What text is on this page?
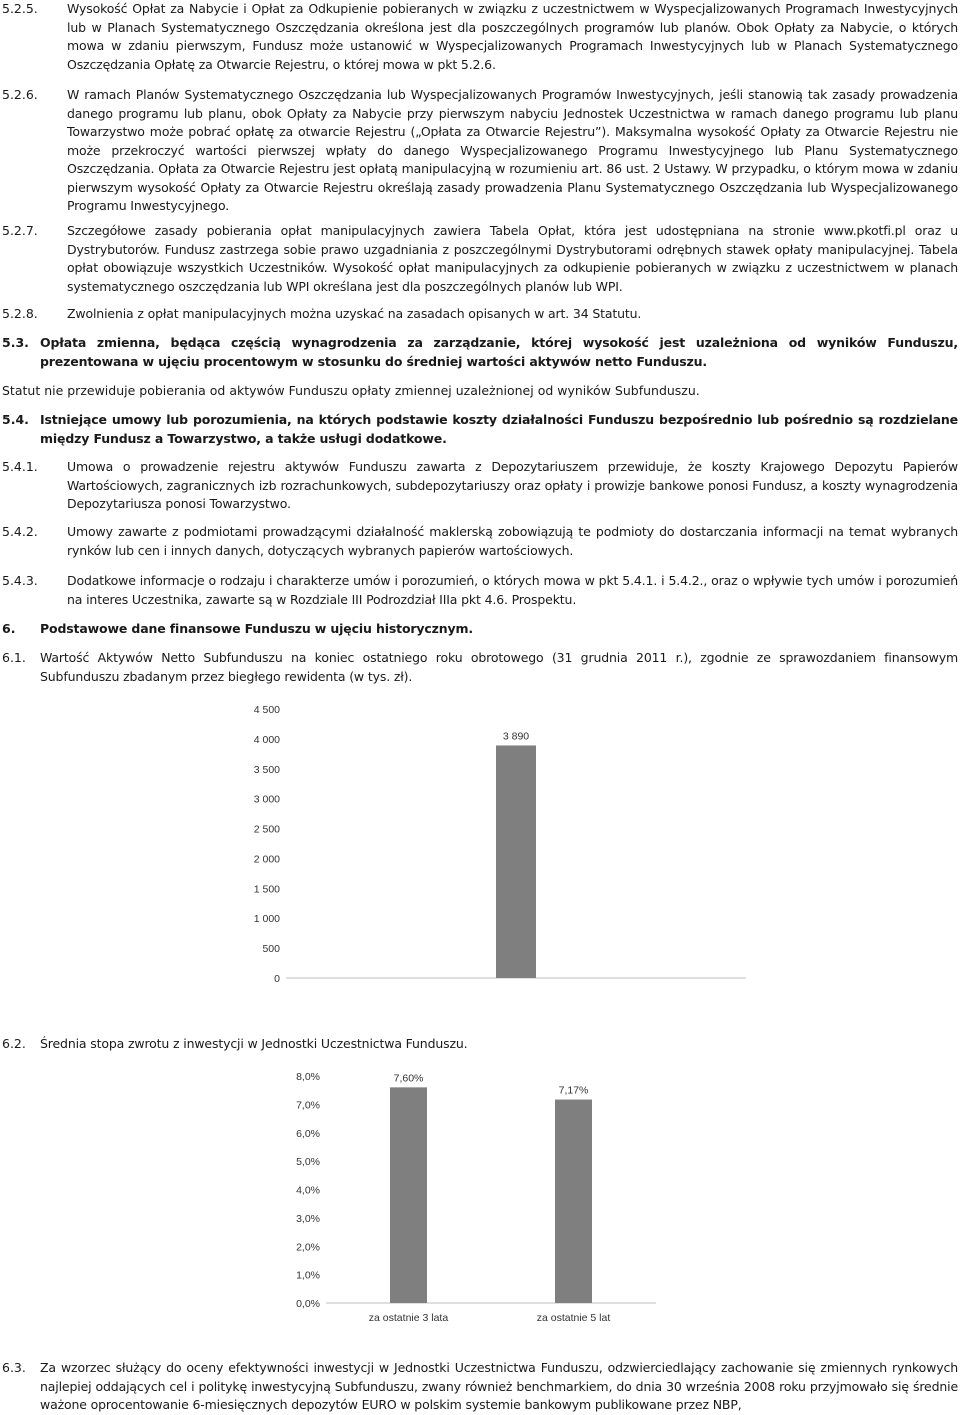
5.2.5. Wysokość Opłat za Nabycie i Opłat za Odkupienie pobieranych w związku z uczestnictwem w Wyspecjalizowanych Programach Inwestycyjnych lub w Planach Systematycznego Oszczędzania określona jest dla poszczególnych programów lub planów. Obok Opłaty za Nabycie, o których mowa w zdaniu pierwszym, Fundusz może ustanowić w Wyspecjalizowanych Programach Inwestycyjnych lub w Planach Systematycznego Oszczędzania Opłatę za Otwarcie Rejestru, o której mowa w pkt 5.2.6.
5.2.6. W ramach Planów Systematycznego Oszczędzania lub Wyspecjalizowanych Programów Inwestycyjnych, jeśli stanowią tak zasady prowadzenia danego programu lub planu, obok Opłaty za Nabycie przy pierwszym nabyciu Jednostek Uczestnictwa w ramach danego programu lub planu Towarzystwo może pobrać opłatę za otwarcie Rejestru („Opłata za Otwarcie Rejestru”). Maksymalna wysokość Opłaty za Otwarcie Rejestru nie może przekroczyć wartości pierwszej wpłaty do danego Wyspecjalizowanego Programu Inwestycyjnego lub Planu Systematycznego Oszczędzania. Opłata za Otwarcie Rejestru jest opłatą manipulacyjną w rozumieniu art. 86 ust. 2 Ustawy. W przypadku, o którym mowa w zdaniu pierwszym wysokość Opłaty za Otwarcie Rejestru określają zasady prowadzenia Planu Systematycznego Oszczędzania lub Wyspecjalizowanego Programu Inwestycyjnego.
5.2.7. Szczegółowe zasady pobierania opłat manipulacyjnych zawiera Tabela Opłat, która jest udostępniana na stronie www.pkotfi.pl oraz u Dystrybutorów. Fundusz zastrzega sobie prawo uzgadniania z poszczególnymi Dystrybutorami odrębnych stawek opłaty manipulacyjnej. Tabela opłat obowiązuje wszystkich Uczestników. Wysokość opłat manipulacyjnych za odkupienie pobieranych w związku z uczestnictwem w planach systematycznego oszczędzania lub WPI określana jest dla poszczególnych planów lub WPI.
5.2.8. Zwolnienia z opłat manipulacyjnych można uzyskać na zasadach opisanych w art. 34 Statutu.
5.3. Opłata zmienna, będąca częścią wynagrodzenia za zarządzanie, której wysokość jest uzależniona od wyników Funduszu, prezentowana w ujęciu procentowym w stosunku do średniej wartości aktywów netto Funduszu.
Statut nie przewiduje pobierania od aktywów Funduszu opłaty zmiennej uzależnionej od wyników Subfunduszu.
5.4. Istniejące umowy lub porozumienia, na których podstawie koszty działalności Funduszu bezpośrednio lub pośrednio są rozdzielane między Fundusz a Towarzystwo, a także usługi dodatkowe.
5.4.1. Umowa o prowadzenie rejestru aktywów Funduszu zawarta z Depozytariuszem przewiduje, że koszty Krajowego Depozytu Papierów Wartościowych, zagranicznych izb rozrachunkowych, subdepozytariuszy oraz opłaty i prowizje bankowe ponosi Fundusz, a koszty wynagrodzenia Depozytariusza ponosi Towarzystwo.
5.4.2. Umowy zawarte z podmiotami prowadzącymi działalność maklerską zobowiązują te podmioty do dostarczania informacji na temat wybranych rynków lub cen i innych danych, dotyczących wybranych papierów wartościowych.
5.4.3. Dodatkowe informacje o rodzaju i charakterze umów i porozumień, o których mowa w pkt 5.4.1. i 5.4.2., oraz o wpływie tych umów i porozumień na interes Uczestnika, zawarte są w Rozdziale III Podrozdział IIIa pkt 4.6. Prospektu.
6. Podstawowe dane finansowe Funduszu w ujęciu historycznym.
6.1. Wartość Aktywów Netto Subfunduszu na koniec ostatniego roku obrotowego (31 grudnia 2011 r.), zgodnie ze sprawozdaniem finansowym Subfunduszu zbadanym przez biegłego rewidenta (w tys. zł).
0
500
1 000
1 500
2 000
2 500
3 000
3 500
4 000
4 500
3 890
6.2. Średnia stopa zwrotu z inwestycji w Jednostki Uczestnictwa Funduszu.
0,0%
1,0%
2,0%
3,0%
4,0%
5,0%
6,0%
7,0%
8,0%	7,60%
za ostatnie 3 lata
7,17%
za ostatnie 5 lat
6.3. Za wzorzec służący do oceny efektywności inwestycji w Jednostki Uczestnictwa Funduszu, odzwierciedlający zachowanie się zmiennych rynkowych najlepiej oddających cel i politykę inwestycyjną Subfunduszu, zwany również benchmarkiem, do dnia 30 września 2008 roku przyjmowało się średnie ważone oprocentowanie 6-miesięcznych depozytów EURO w polskim systemie bankowym publikowane przez NBP,
